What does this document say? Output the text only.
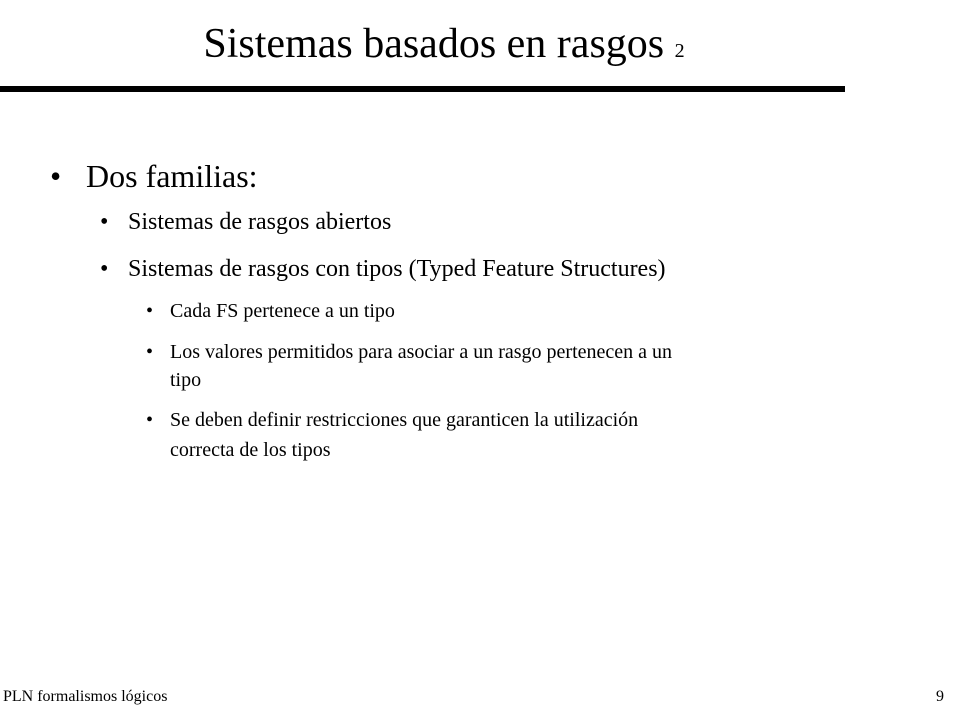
Sistemas basados en rasgos 2
• Dos familias:
• Sistemas de rasgos abiertos
• Sistemas de rasgos con tipos (Typed Feature Structures)
• Cada FS pertenece a un tipo
• Los valores permitidos para asociar a un rasgo pertenecen a un
tipo
• Se deben definir restricciones que garanticen la utilización
correcta de los tipos
PLN formalismos lógicos	9
